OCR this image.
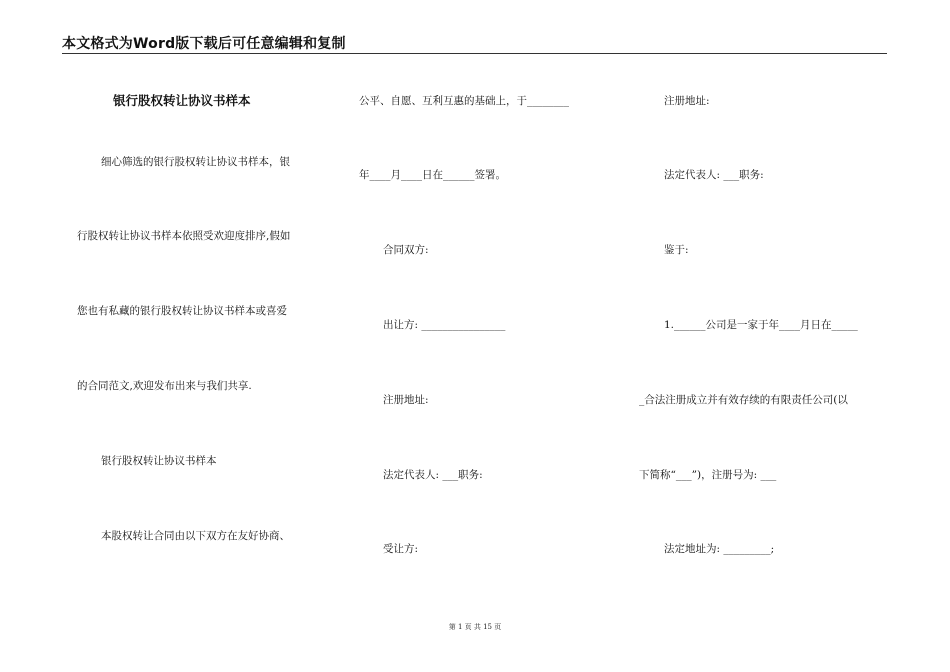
本文格式为Word版下载后可任意编辑和复制
银行股权转让协议书样本
细心筛选的银行股权转让协议书样本，银
行股权转让协议书样本依照受欢迎度排序,假如
您也有私藏的银行股权转让协议书样本或喜爱
的合同范文,欢迎发布出来与我们共享.
银行股权转让协议书样本
本股权转让合同由以下双方在友好协商、
公平、自愿、互利互惠的基础上，于________
年____月____日在______签署。
合同双方:
出让方: ________________
注册地址:
法定代表人: ___职务:
受让方:
注册地址:
法定代表人: ___职务:
鉴于:
1.______公司是一家于年____月日在_____
_合法注册成立并有效存续的有限责任公司(以
下简称“___”)，注册号为: ___
法定地址为: _________;
第 1 页 共 15 页
